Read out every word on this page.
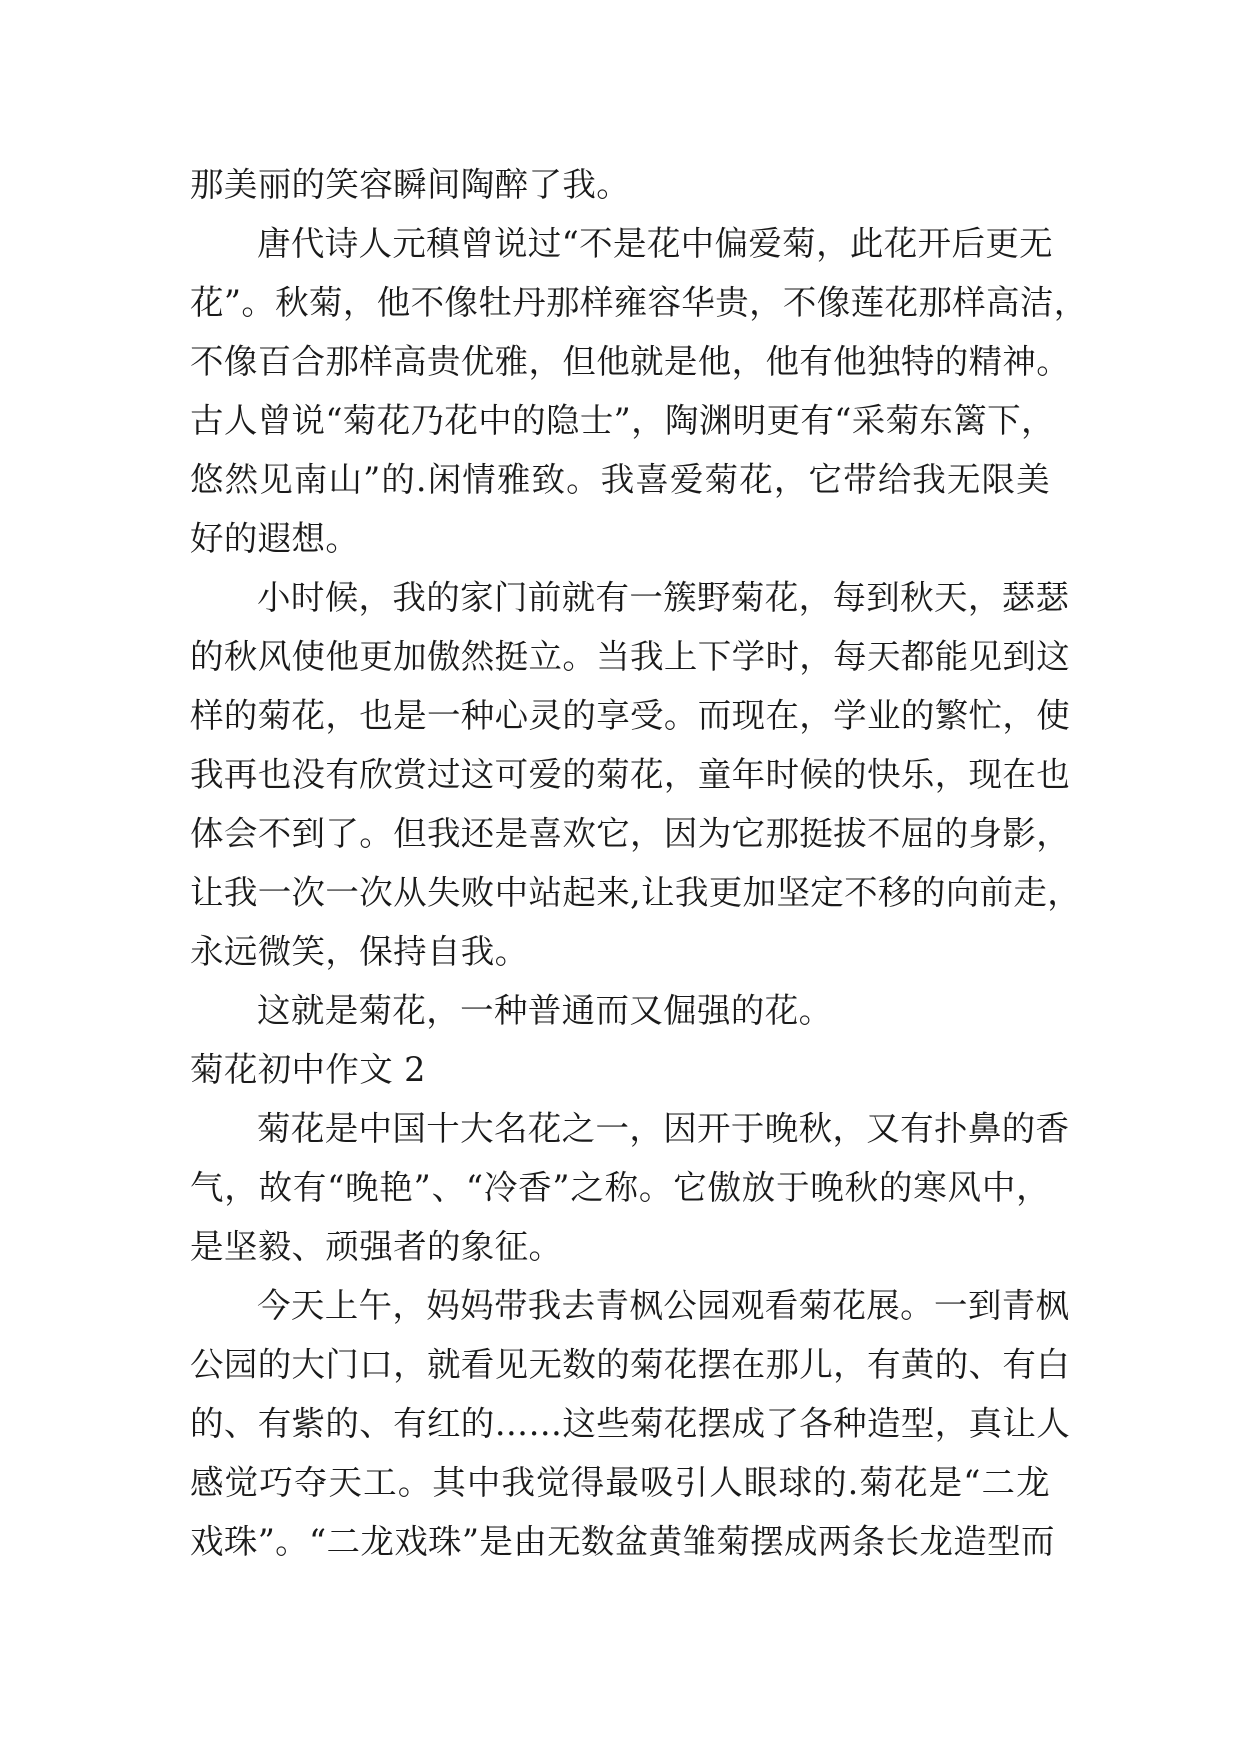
那美丽的笑容瞬间陶醉了我。
唐代诗人元稹曾说过“不是花中偏爱菊，此花开后更无
花”。秋菊，他不像牡丹那样雍容华贵，不像莲花那样高洁，
不像百合那样高贵优雅，但他就是他，他有他独特的精神。
古人曾说“菊花乃花中的隐士”，陶渊明更有“采菊东篱下，
悠然见南山”的.闲情雅致。我喜爱菊花，它带给我无限美
好的遐想。
小时候，我的家门前就有一簇野菊花，每到秋天，瑟瑟
的秋风使他更加傲然挺立。当我上下学时，每天都能见到这
样的菊花，也是一种心灵的享受。而现在，学业的繁忙，使
我再也没有欣赏过这可爱的菊花，童年时候的快乐，现在也
体会不到了。但我还是喜欢它，因为它那挺拔不屈的身影，
让我一次一次从失败中站起来,让我更加坚定不移的向前走，
永远微笑，保持自我。
这就是菊花，一种普通而又倔强的花。
菊花初中作文 2
菊花是中国十大名花之一，因开于晚秋，又有扑鼻的香
气，故有“晚艳”、“冷香”之称。它傲放于晚秋的寒风中，
是坚毅、顽强者的象征。
今天上午，妈妈带我去青枫公园观看菊花展。一到青枫
公园的大门口，就看见无数的菊花摆在那儿，有黄的、有白
的、有紫的、有红的……这些菊花摆成了各种造型，真让人
感觉巧夺天工。其中我觉得最吸引人眼球的.菊花是“二龙
戏珠”。“二龙戏珠”是由无数盆黄雏菊摆成两条长龙造型而
